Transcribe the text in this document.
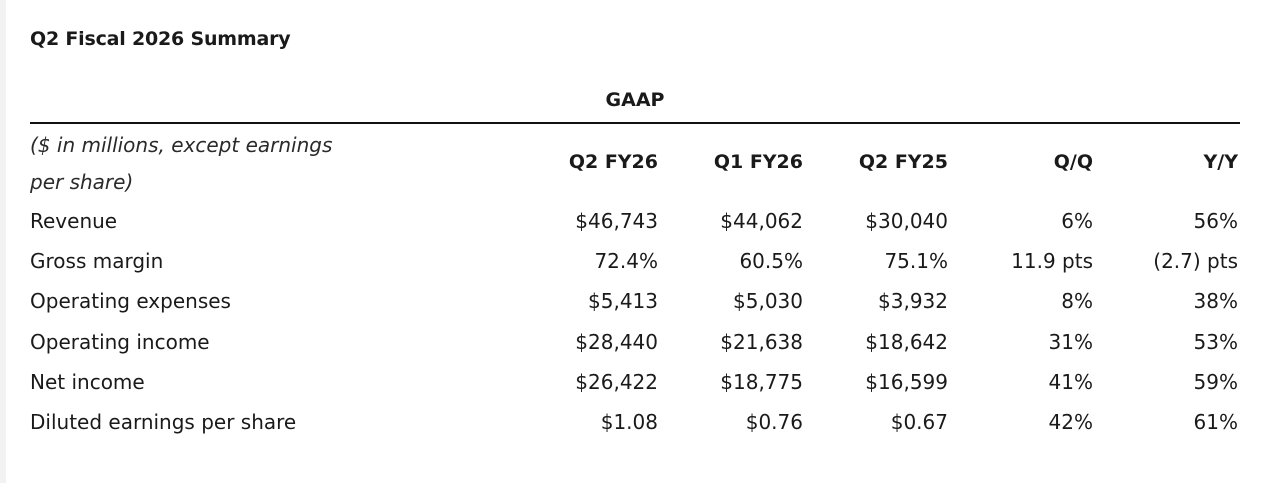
Q2 Fiscal 2026 Summary
GAAP
($ in millions, except earnings per share)
Q2 FY26	Q1 FY26	Q2 FY25	Q/Q	Y/Y
Revenue	$46,743	$44,062	$30,040	6%	56%
Gross margin	72.4%	60.5%	75.1%	11.9 pts	(2.7) pts
Operating expenses	$5,413	$5,030	$3,932	8%	38%
Operating income	$28,440	$21,638	$18,642	31%	53%
Net income	$26,422	$18,775	$16,599	41%	59%
Diluted earnings per share	$1.08	$0.76	$0.67	42%	61%
